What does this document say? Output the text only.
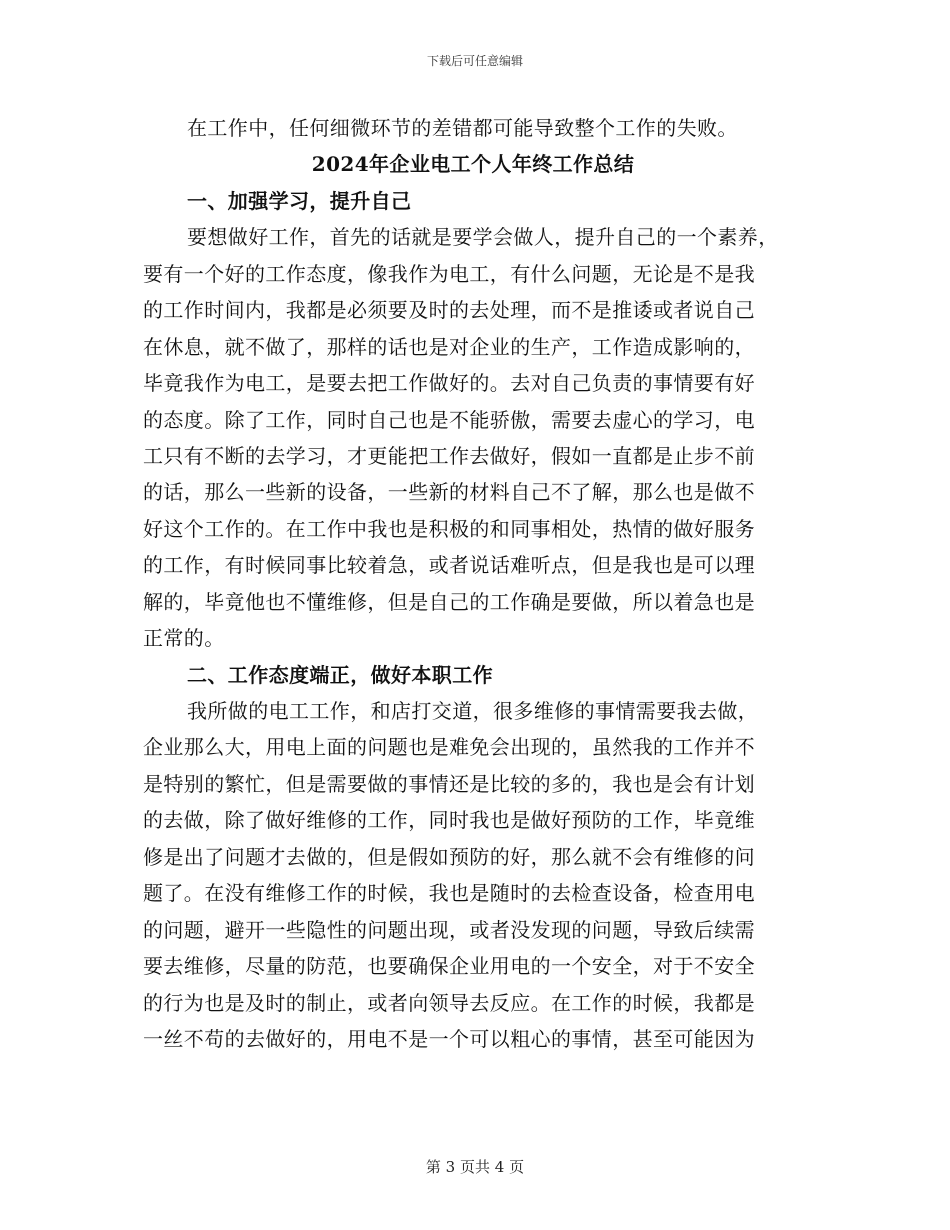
下载后可任意编辑
在工作中，任何细微环节的差错都可能导致整个工作的失败。
2024年企业电工个人年终工作总结
一、加强学习，提升自己
要想做好工作，首先的话就是要学会做人，提升自己的一个素养，
要有一个好的工作态度，像我作为电工，有什么问题，无论是不是我
的工作时间内，我都是必须要及时的去处理，而不是推诿或者说自己
在休息，就不做了，那样的话也是对企业的生产，工作造成影响的，
毕竟我作为电工，是要去把工作做好的。去对自己负责的事情要有好
的态度。除了工作，同时自己也是不能骄傲，需要去虚心的学习，电
工只有不断的去学习，才更能把工作去做好，假如一直都是止步不前
的话，那么一些新的设备，一些新的材料自己不了解，那么也是做不
好这个工作的。在工作中我也是积极的和同事相处，热情的做好服务
的工作，有时候同事比较着急，或者说话难听点，但是我也是可以理
解的，毕竟他也不懂维修，但是自己的工作确是要做，所以着急也是
正常的。
二、工作态度端正，做好本职工作
我所做的电工工作，和店打交道，很多维修的事情需要我去做，
企业那么大，用电上面的问题也是难免会出现的，虽然我的工作并不
是特别的繁忙，但是需要做的事情还是比较的多的，我也是会有计划
的去做，除了做好维修的工作，同时我也是做好预防的工作，毕竟维
修是出了问题才去做的，但是假如预防的好，那么就不会有维修的问
题了。在没有维修工作的时候，我也是随时的去检查设备，检查用电
的问题，避开一些隐性的问题出现，或者没发现的问题，导致后续需
要去维修，尽量的防范，也要确保企业用电的一个安全，对于不安全
的行为也是及时的制止，或者向领导去反应。在工作的时候，我都是
一丝不苟的去做好的，用电不是一个可以粗心的事情，甚至可能因为
第 3 页共 4 页
